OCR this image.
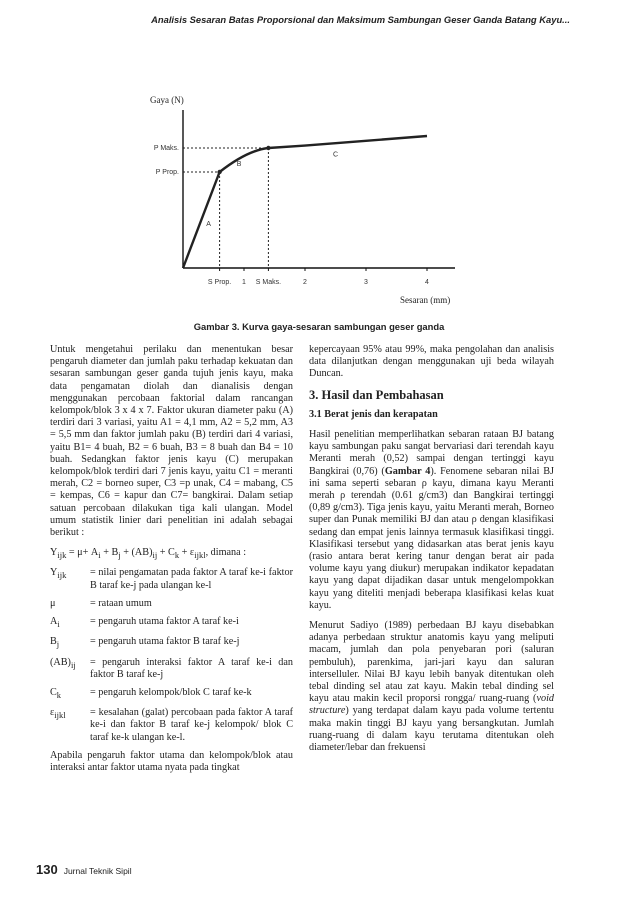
Analisis Sesaran Batas Proporsional dan Maksimum Sambungan Geser Ganda Batang Kayu...
S Prop. 1 S Maks.	2	3	4
P Maks.
P Prop.
A
B
C
Gaya (N)
Sesaran (mm)
Gambar 3. Kurva gaya-sesaran sambungan geser ganda

Untuk mengetahui perilaku dan menentukan besar pengaruh diameter dan jumlah paku terhadap kekuatan dan sesaran sambungan geser ganda tujuh jenis kayu, maka data pengamatan diolah dan dianalisis dengan menggunakan percobaan faktorial dalam rancangan kelompok/blok 3 x 4 x 7. Faktor ukuran diameter paku (A) terdiri dari 3 variasi, yaitu A1 = 4,1 mm, A2 = 5,2 mm, A3 = 5,5 mm dan faktor jumlah paku (B) terdiri dari 4 variasi, yaitu B1= 4 buah, B2 = 6 buah, B3 = 8 buah dan B4 = 10 buah. Sedangkan faktor jenis kayu (C) merupakan kelompok/blok terdiri dari 7 jenis kayu, yaitu C1 = meranti merah, C2 = borneo super, C3 =p unak, C4 = mabang, C5 = kempas, C6 = kapur dan C7= bangkirai. Dalam setiap satuan percobaan dilakukan tiga kali ulangan. Model umum statistik linier dari penelitian ini adalah sebagai berikut :

$Y_{ijk} = \mu+ A_i + B_j + (AB)_{ij} + C_k + \varepsilon_{ijkl}$, dimana :
$Y_{ijk}$	= nilai pengamatan pada faktor A taraf ke-i faktor B taraf ke-j pada ulangan ke-l
μ	= rataan umum
$A_i$	= pengaruh utama faktor A taraf ke-i
$B_j$	= pengaruh utama faktor B taraf ke-j
$(AB)_{ij}$	= pengaruh interaksi faktor A taraf ke-i dan faktor B taraf ke-j
$C_k$	= pengaruh kelompok/blok C taraf ke-k
$\varepsilon_{ijkl}$	= kesalahan (galat) percobaan pada faktor A taraf ke-i dan faktor B taraf ke-j kelompok/ blok C taraf ke-k ulangan ke-l.

Apabila pengaruh faktor utama dan kelompok/blok atau interaksi antar faktor utama nyata pada tingkat

kepercayaan 95% atau 99%, maka pengolahan dan analisis data dilanjutkan dengan menggunakan uji beda wilayah Duncan.

3. Hasil dan Pembahasan
3.1 Berat jenis dan kerapatan

Hasil penelitian memperlihatkan sebaran rataan BJ batang kayu sambungan paku sangat bervariasi dari terendah kayu Meranti merah (0,52) sampai dengan tertinggi kayu Bangkirai (0,76) (Gambar 4). Fenomene sebaran nilai BJ ini sama seperti sebaran ρ kayu, dimana kayu Meranti merah ρ terendah (0.61 g/cm3) dan Bangkirai tertinggi (0,89 g/cm3). Tiga jenis kayu, yaitu Meranti merah, Borneo super dan Punak memiliki BJ dan atau ρ dengan klasifikasi sedang dan empat jenis lainnya termasuk klasifikasi tinggi. Klasifikasi tersebut yang didasarkan atas berat jenis kayu (rasio antara berat kering tanur dengan berat air pada volume kayu yang diukur) merupakan indikator kepadatan kayu yang dapat dijadikan dasar untuk mengelompokkan kayu yang diteliti menjadi beberapa klasifikasi kelas kuat kayu.

Menurut Sadiyo (1989) perbedaan BJ kayu disebabkan adanya perbedaan struktur anatomis kayu yang meliputi macam, jumlah dan pola penyebaran pori (saluran pembuluh), parenkima, jari-jari kayu dan saluran interselluler. Nilai BJ kayu lebih banyak ditentukan oleh tebal dinding sel atau zat kayu. Makin tebal dinding sel kayu atau makin kecil proporsi rongga/ ruang-ruang (void structure) yang terdapat dalam kayu pada volume tertentu maka makin tinggi BJ kayu yang bersangkutan. Jumlah ruang-ruang di dalam kayu terutama ditentukan oleh diameter/lebar dan frekuensi

130 Jurnal Teknik Sipil
